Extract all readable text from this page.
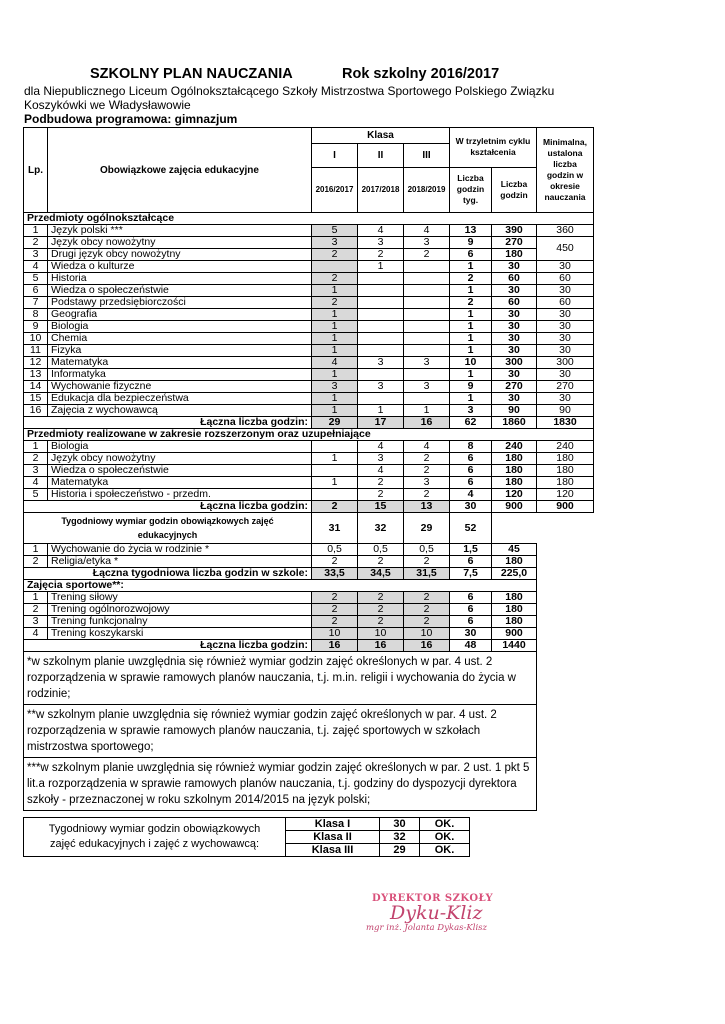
SZKOLNY PLAN NAUCZANIA	Rok szkolny 2016/2017
dla Niepublicznego Liceum Ogólnokształcącego Szkoły Mistrzostwa Sportowego Polskiego Związku
Koszykówki we Władysławowie
Podbudowa programowa: gimnazjum
Lp.	Obowiązkowe zajęcia edukacyjne	Klasa			W trzyletnim cyklu kształcenia		Minimalna, ustalona liczba godzin w okresie nauczania
		I	II	III			
		2016/2017	2017/2018	2018/2019	Liczba godzin tyg.	Liczba godzin	
Przedmioty ogólnokształcące							
1	Język polski ***	5	4	4	13	390	360
2	Język obcy nowożytny	3	3	3	9	270	450
3	Drugi język obcy nowożytny	2	2	2	6	180	
4	Wiedza o kulturze		1		1	30	30
5	Historia	2			2	60	60
6	Wiedza o społeczeństwie	1			1	30	30
7	Podstawy przedsiębiorczości	2			2	60	60
8	Geografia	1			1	30	30
9	Biologia	1			1	30	30
10	Chemia	1			1	30	30
11	Fizyka	1			1	30	30
12	Matematyka	4	3	3	10	300	300
13	Informatyka	1			1	30	30
14	Wychowanie fizyczne	3	3	3	9	270	270
15	Edukacja dla bezpieczeństwa	1			1	30	30
16	Zajęcia z wychowawcą	1	1	1	3	90	90
Łączna liczba godzin:		29	17	16	62	1860	1830
Przedmioty realizowane w zakresie rozszerzonym oraz uzupełniające							
1	Biologia		4	4	8	240	240
2	Język obcy nowożytny	1	3	2	6	180	180
3	Wiedza o społeczeństwie		4	2	6	180	180
4	Matematyka	1	2	3	6	180	180
5	Historia i społeczeństwo - przedm.		2	2	4	120	120
Łączna liczba godzin:		2	15	13	30	900	900
Tygodniowy wymiar godzin obowiązkowych zajęć edukacyjnych		31	32	29	52		
1	Wychowanie do życia w rodzinie *	0,5	0,5	0,5	1,5	45	
2	Religia/etyka *	2	2	2	6	180	
Łączna tygodniowa liczba godzin w szkole:		33,5	34,5	31,5	7,5	225,0	
Zajęcia sportowe**:							
1	Trening siłowy	2	2	2	6	180	
2	Trening ogólnorozwojowy	2	2	2	6	180	
3	Trening funkcjonalny	2	2	2	6	180	
4	Trening koszykarski	10	10	10	30	900	
Łączna liczba godzin:		16	16	16	48	1440	
*w szkolnym planie uwzględnia się również wymiar godzin zajęć określonych w par. 4 ust. 2 rozporządzenia w sprawie ramowych planów nauczania, t.j. m.in. religii i wychowania do życia w rodzinie;							
**w szkolnym planie uwzględnia się również wymiar godzin zajęć określonych w par. 4 ust. 2 rozporządzenia w sprawie ramowych planów nauczania, t.j. zajęć sportowych w szkołach mistrzostwa sportowego;							
***w szkolnym planie uwzględnia się również wymiar godzin zajęć określonych w par. 2 ust. 1 pkt 5 lit.a rozporządzenia w sprawie ramowych planów nauczania, t.j. godziny do dyspozycji dyrektora szkoły - przeznaczonej w roku szkolnym 2014/2015 na język polski;							
Tygodniowy wymiar godzin obowiązkowych zajęć edukacyjnych i zajęć z wychowawcą:	Klasa I	30	OK.
	Klasa II	32	OK.
	Klasa III	29	OK.
DYREKTOR SZKOŁY
Dyku-Kliz
mgr inż. Jolanta Dykas-Klisz
